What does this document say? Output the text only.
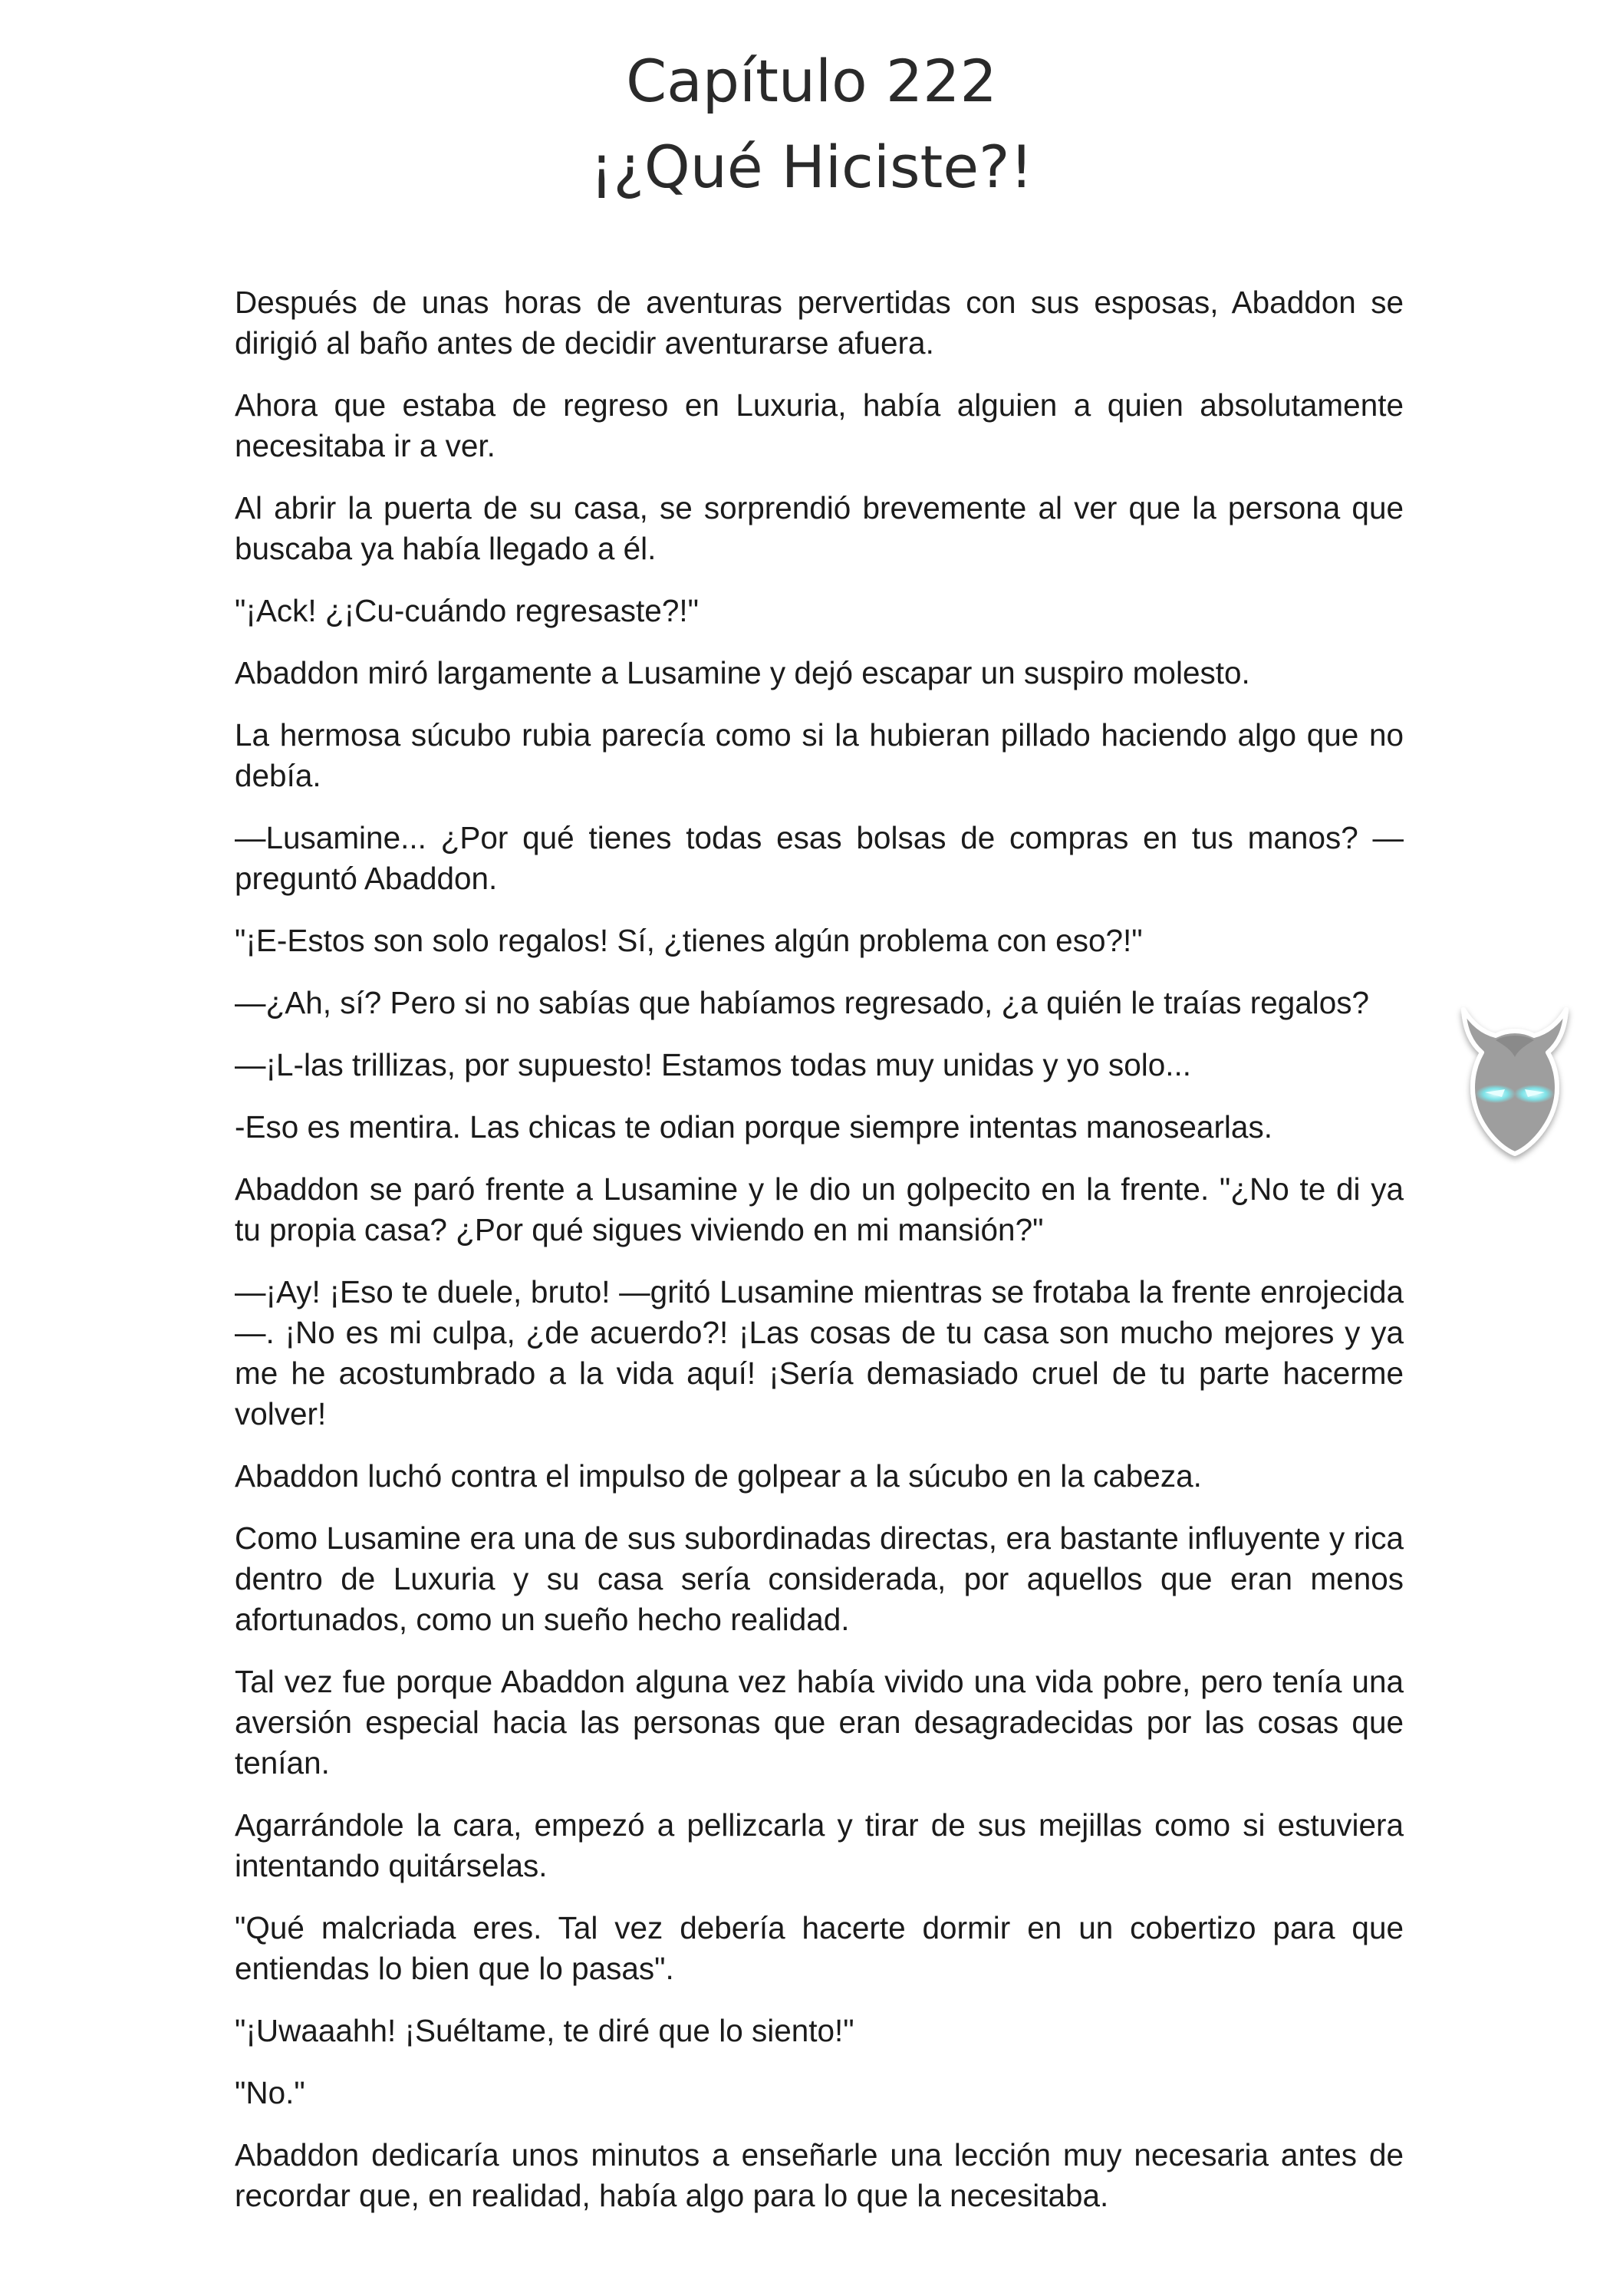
Capítulo 222

¡¿Qué Hiciste?!

Después de unas horas de aventuras pervertidas con sus esposas, Abaddon se dirigió al baño antes de decidir aventurarse afuera.

Ahora que estaba de regreso en Luxuria, había alguien a quien absolutamente necesitaba ir a ver.

Al abrir la puerta de su casa, se sorprendió brevemente al ver que la persona que buscaba ya había llegado a él.

"¡Ack! ¿¡Cu-cuándo regresaste?!"

Abaddon miró largamente a Lusamine y dejó escapar un suspiro molesto.

La hermosa súcubo rubia parecía como si la hubieran pillado haciendo algo que no debía.

—Lusamine... ¿Por qué tienes todas esas bolsas de compras en tus manos? —preguntó Abaddon.

"¡E-Estos son solo regalos! Sí, ¿tienes algún problema con eso?!"

—¿Ah, sí? Pero si no sabías que habíamos regresado, ¿a quién le traías regalos?

—¡L-las trillizas, por supuesto! Estamos todas muy unidas y yo solo...

-Eso es mentira. Las chicas te odian porque siempre intentas manosearlas.

Abaddon se paró frente a Lusamine y le dio un golpecito en la frente. "¿No te di ya tu propia casa? ¿Por qué sigues viviendo en mi mansión?"

—¡Ay! ¡Eso te duele, bruto! —gritó Lusamine mientras se frotaba la frente enrojecida—. ¡No es mi culpa, ¿de acuerdo?! ¡Las cosas de tu casa son mucho mejores y ya me he acostumbrado a la vida aquí! ¡Sería demasiado cruel de tu parte hacerme volver!

Abaddon luchó contra el impulso de golpear a la súcubo en la cabeza.

Como Lusamine era una de sus subordinadas directas, era bastante influyente y rica dentro de Luxuria y su casa sería considerada, por aquellos que eran menos afortunados, como un sueño hecho realidad.

Tal vez fue porque Abaddon alguna vez había vivido una vida pobre, pero tenía una aversión especial hacia las personas que eran desagradecidas por las cosas que tenían.

Agarrándole la cara, empezó a pellizcarla y tirar de sus mejillas como si estuviera intentando quitárselas.

"Qué malcriada eres. Tal vez debería hacerte dormir en un cobertizo para que entiendas lo bien que lo pasas".

"¡Uwaaahh! ¡Suéltame, te diré que lo siento!"

"No."

Abaddon dedicaría unos minutos a enseñarle una lección muy necesaria antes de recordar que, en realidad, había algo para lo que la necesitaba.
